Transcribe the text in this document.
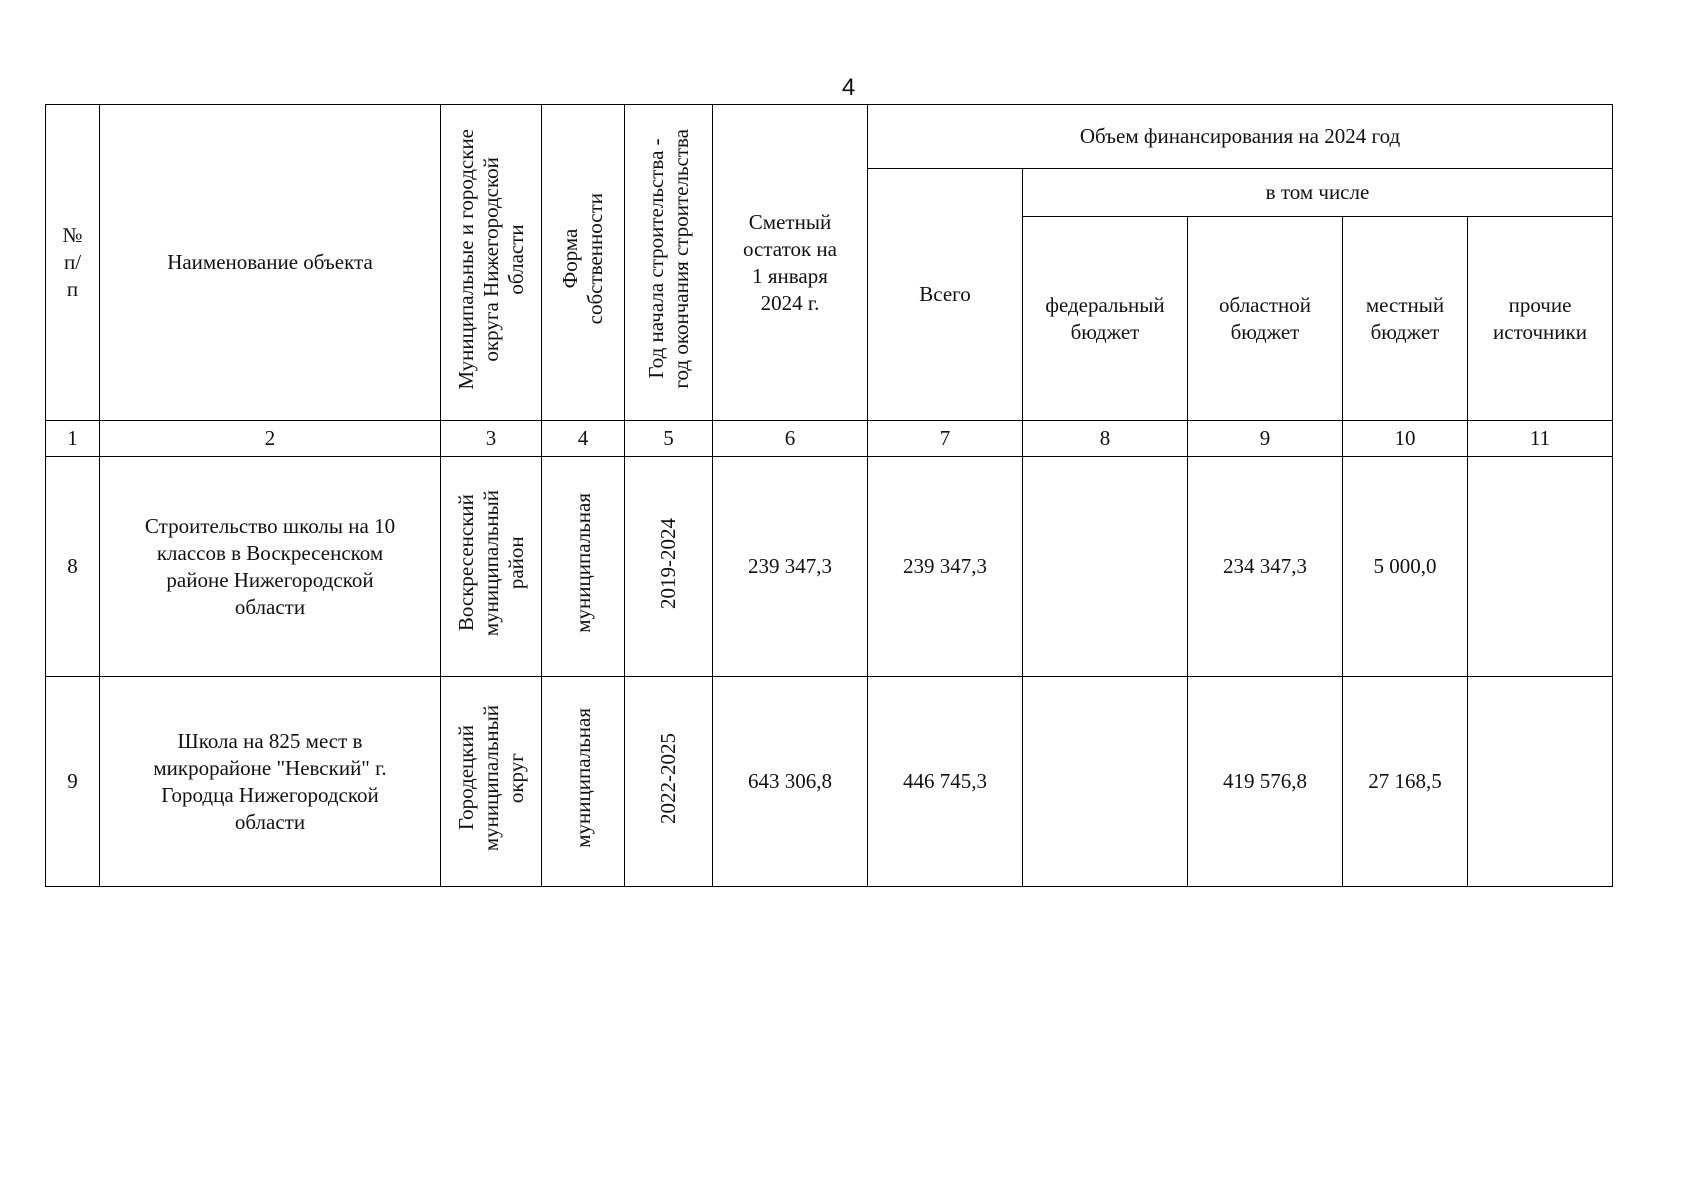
4
№
п/
п	Наименование объекта	Муниципальные и городские
округа Нижегородской
области	Форма
собственности	Год начала строительства -
год окончания строительства	Сметный
остаток на
1 января
2024 г.	Объем финансирования на 2024 год				
						Всего	в том числе			
							федеральный
бюджет	областной
бюджет	местный
бюджет	прочие
источники
1	2	3	4	5	6	7	8	9	10	11
8	Строительство школы на 10
классов в Воскресенском
районе Нижегородской
области	Воскресенский
муниципальный
район	муниципальная	2019-2024	239 347,3	239 347,3		234 347,3	5 000,0	
9	Школа на 825 мест в
микрорайоне "Невский" г.
Городца Нижегородской
области	Городецкий
муниципальный
округ	муниципальная	2022-2025	643 306,8	446 745,3		419 576,8	27 168,5	
